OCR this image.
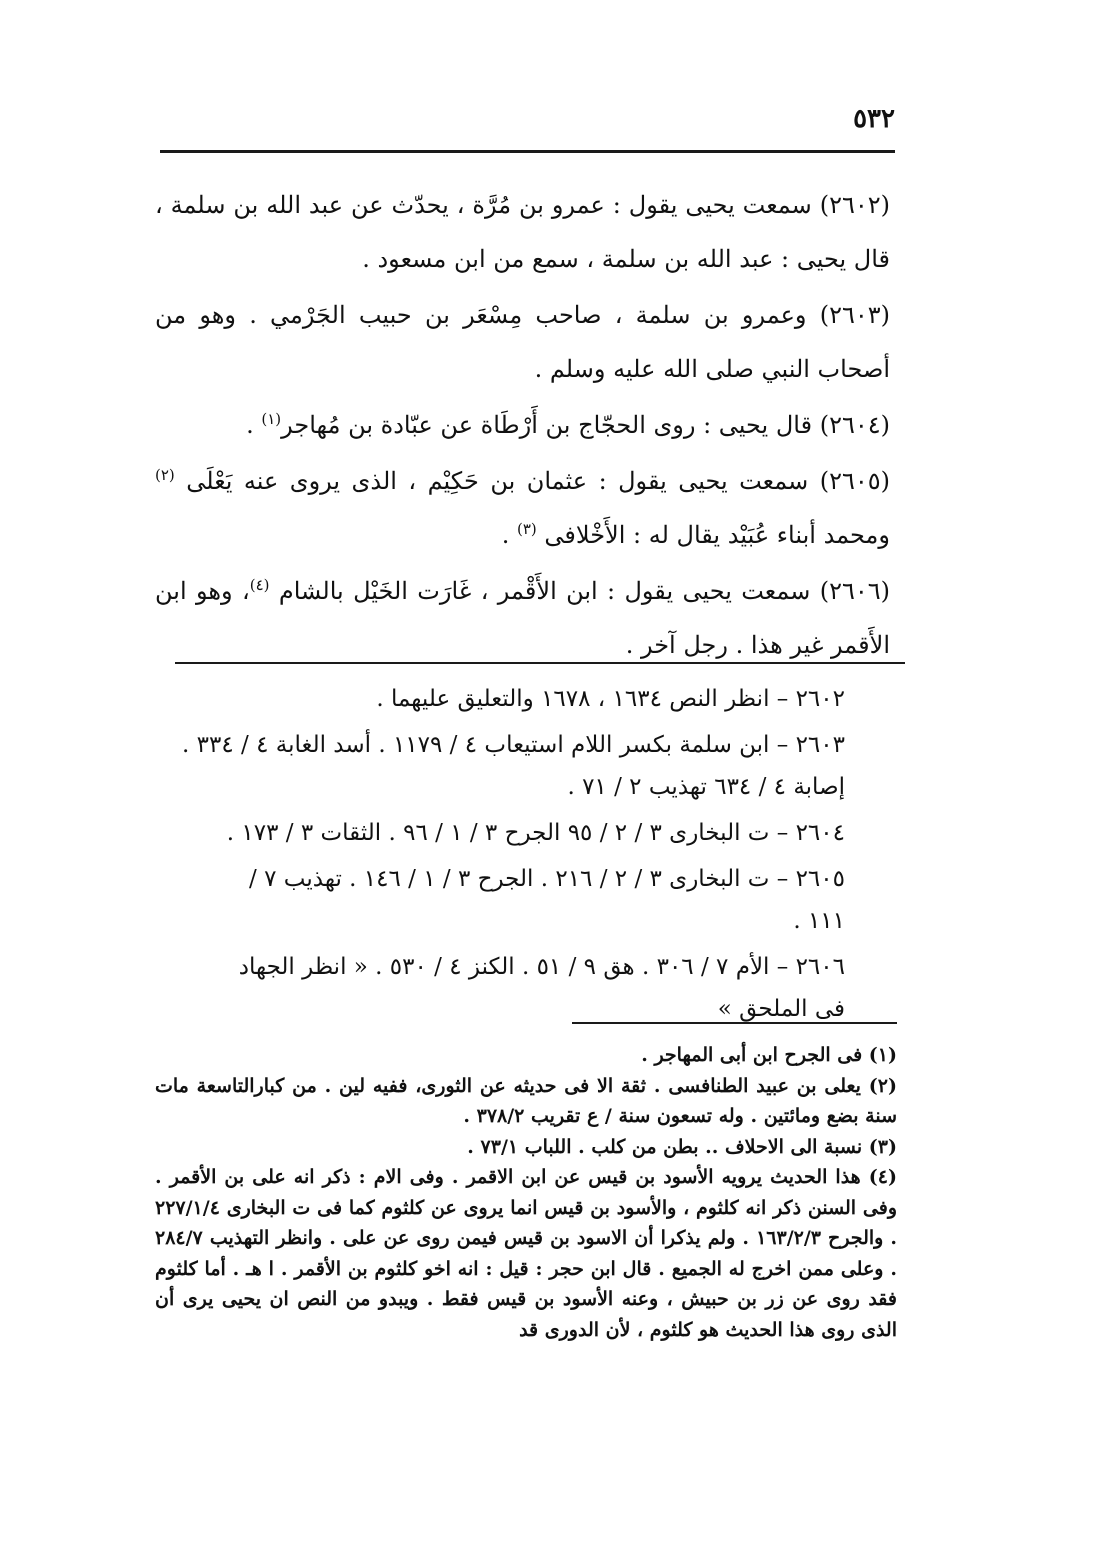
٥٣٢

(٢٦٠٢) سمعت يحيى يقول : عمرو بن مُرَّة ، يحدّث عن عبد الله بن سلمة ، قال يحيى : عبد الله بن سلمة ، سمع من ابن مسعود .

(٢٦٠٣) وعمرو بن سلمة ، صاحب مِسْعَر بن حبيب الجَرْمي . وهو من أصحاب النبي صلى الله عليه وسلم .

(٢٦٠٤) قال يحيى : روى الحجّاج بن أَرْطَاة عن عبّادة بن مُهاجر$^{(١)}$ .

(٢٦٠٥) سمعت يحيى يقول : عثمان بن حَكِيْم ، الذى يروى عنه يَعْلَى $^{(٢)}$ ومحمد أبناء عُبَيْد يقال له : الأَخْلافى $^{(٣)}$ .

(٢٦٠٦) سمعت يحيى يقول : ابن الأَقْمر ، غَارَت الخَيْل بالشام $^{(٤)}$، وهو ابن الأَقمر غير هذا . رجل آخر .

٢٦٠٢ – انظر النص ١٦٣٤ ، ١٦٧٨ والتعليق عليهما .
٢٦٠٣ – ابن سلمة بكسر اللام استيعاب ٤ / ١١٧٩ . أسد الغابة ٤ / ٣٣٤ .
إصابة ٤ / ٦٣٤ تهذيب ٢ / ٧١ .
٢٦٠٤ – ت البخارى ٣ / ٢ / ٩٥ الجرح ٣ / ١ / ٩٦ . الثقات ٣ / ١٧٣ .
٢٦٠٥ – ت البخارى ٣ / ٢ / ٢١٦ . الجرح ٣ / ١ / ١٤٦ . تهذيب ٧ /
١١١ .
٢٦٠٦ – الأم ٧ / ٣٠٦ . هق ٩ / ٥١ . الكنز ٤ / ٥٣٠ . « انظر الجهاد
فى الملحق »

(١) فى الجرح ابن أبى المهاجر .

(٢) يعلى بن عبيد الطنافسى . ثقة الا فى حديثه عن الثورى، ففيه لين . من كبارالتاسعة مات سنة بضع ومائتين . وله تسعون سنة / ع تقريب ٣٧٨/٢ .

(٣) نسبة الى الاحلاف .. بطن من كلب . اللباب ٧٣/١ .

(٤) هذا الحديث يرويه الأسود بن قيس عن ابن الاقمر . وفى الام : ذكر انه على بن الأقمر . وفى السنن ذكر انه كلثوم ، والأسود بن قيس انما يروى عن كلثوم كما فى ت البخارى ٢٢٧/١/٤ . والجرح ١٦٣/٢/٣ . ولم يذكرا أن الاسود بن قيس فيمن روى عن على . وانظر التهذيب ٢٨٤/٧ . وعلى ممن اخرج له الجميع . قال ابن حجر : قيل : انه اخو كلثوم بن الأقمر . ا هـ . أما كلثوم فقد روى عن زر بن حبيش ، وعنه الأسود بن قيس فقط . ويبدو من النص ان يحيى يرى أن الذى روى هذا الحديث هو كلثوم ، لأن الدورى قد
